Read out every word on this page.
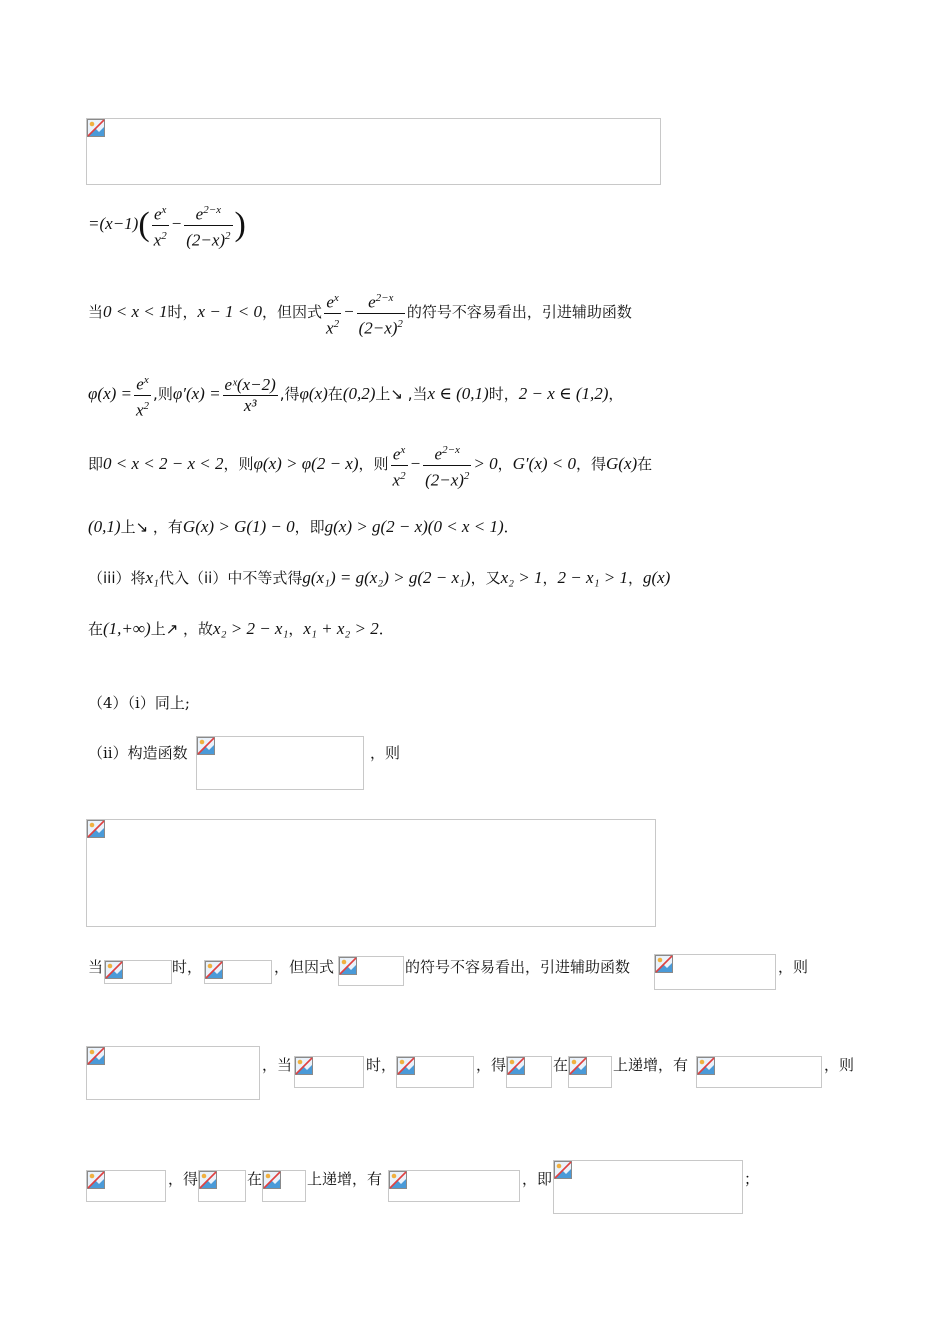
$=(x-1)( \frac{e^x}{x^2} - \frac{e^{2-x}}{(2-x)^2}$ )
当0 < x < 1时，x − 1 < 0，但因式 $\frac{e^x}{x^2} - \frac{e^{2-x}}{(2-x)^2}$ 的符号不容易看出，引进辅助函数
$\varphi(x) = \frac{e^x}{x^2}$ ,则$\varphi'(x) = \frac{\text{eˣ(x−2)}}{\text{x³}}$ ,得φ(x)在(0,2)上↘ ,当x ∈ (0,1)时，2 − x ∈ (1,2)，
即0 < x < 2 − x < 2，则φ(x) > φ(2 − x)，则 $\frac{e^x}{x^2} - \frac{e^{2-x}}{(2-x)^2} > 0$，G′(x) < 0，得G(x)在
(0,1)上↘ ，有G(x) > G(1) − 0，即g(x) > g(2 − x)(0 < x < 1)．
（iii）将x₁代入（ii）中不等式得g(x₁) = g(x₂) > g(2 − x₁)，又x₂ > 1，2 − x₁ > 1，g(x)
在(1,+∞)上↗ ，故x₂ > 2 − x₁，x₁ + x₂ > 2．
（4）（i）同上;
（ii）构造函数	，则
当	时，	，但因式	的符号不容易看出，引进辅助函数	，则
，当	时，	，得	在	上递增，有	，则
，得	在	上递增，有	，即	；
